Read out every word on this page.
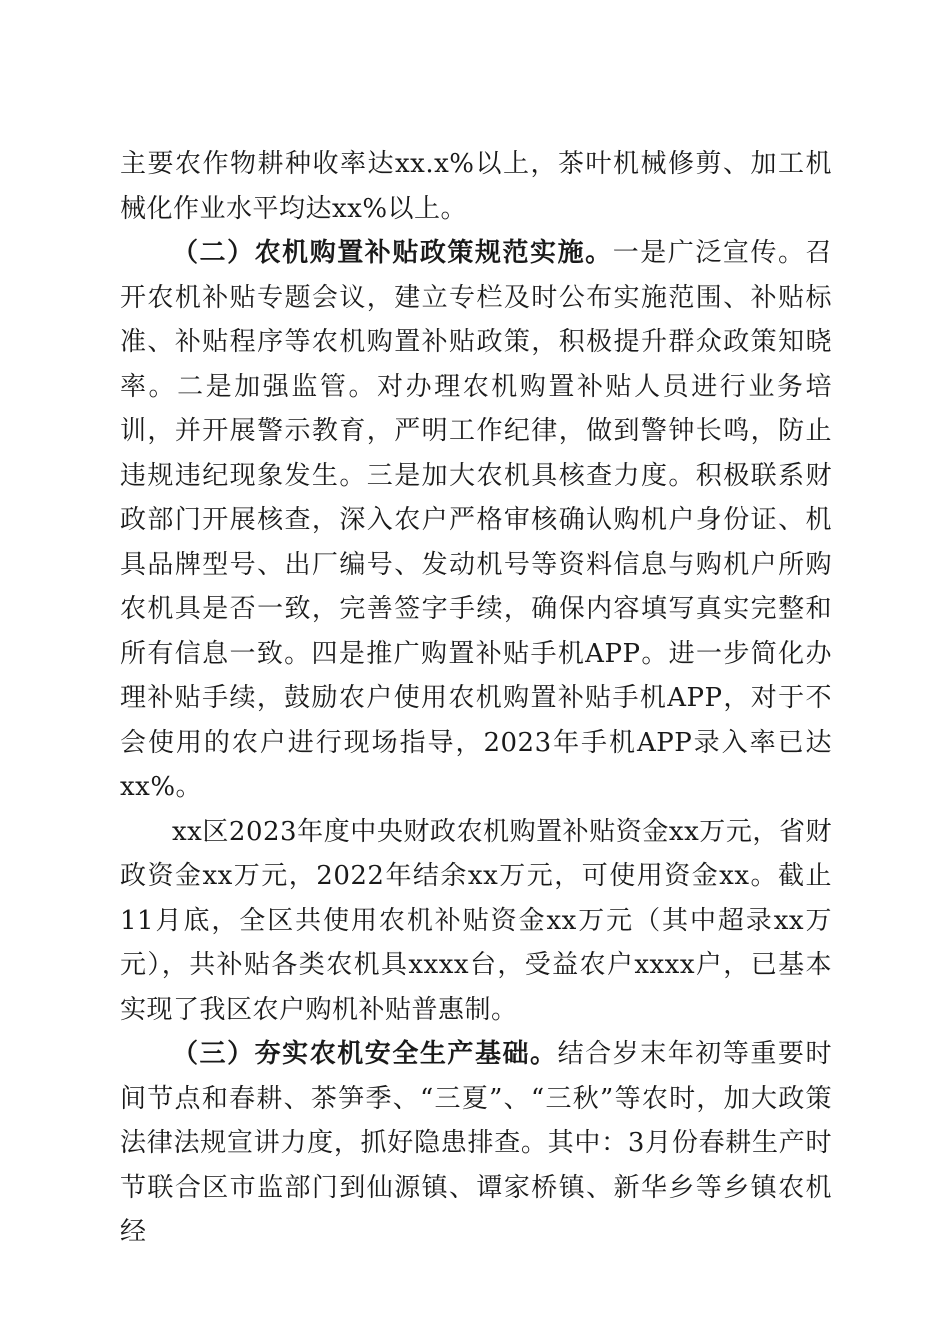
主要农作物耕种收率达xx.x%以上，茶叶机械修剪、加工机械化作业水平均达xx%以上。

（二）农机购置补贴政策规范实施。一是广泛宣传。召开农机补贴专题会议，建立专栏及时公布实施范围、补贴标准、补贴程序等农机购置补贴政策，积极提升群众政策知晓率。二是加强监管。对办理农机购置补贴人员进行业务培训，并开展警示教育，严明工作纪律，做到警钟长鸣，防止违规违纪现象发生。三是加大农机具核查力度。积极联系财政部门开展核查，深入农户严格审核确认购机户身份证、机具品牌型号、出厂编号、发动机号等资料信息与购机户所购农机具是否一致，完善签字手续，确保内容填写真实完整和所有信息一致。四是推广购置补贴手机APP。进一步简化办理补贴手续，鼓励农户使用农机购置补贴手机APP，对于不会使用的农户进行现场指导，2023年手机APP录入率已达xx%。

xx区2023年度中央财政农机购置补贴资金xx万元，省财政资金xx万元，2022年结余xx万元，可使用资金xx。截止11月底，全区共使用农机补贴资金xx万元（其中超录xx万元），共补贴各类农机具xxxx台，受益农户xxxx户，已基本实现了我区农户购机补贴普惠制。

（三）夯实农机安全生产基础。结合岁末年初等重要时间节点和春耕、茶笋季、“三夏”、“三秋”等农时，加大政策法律法规宣讲力度，抓好隐患排查。其中：3月份春耕生产时节联合区市监部门到仙源镇、谭家桥镇、新华乡等乡镇农机经
